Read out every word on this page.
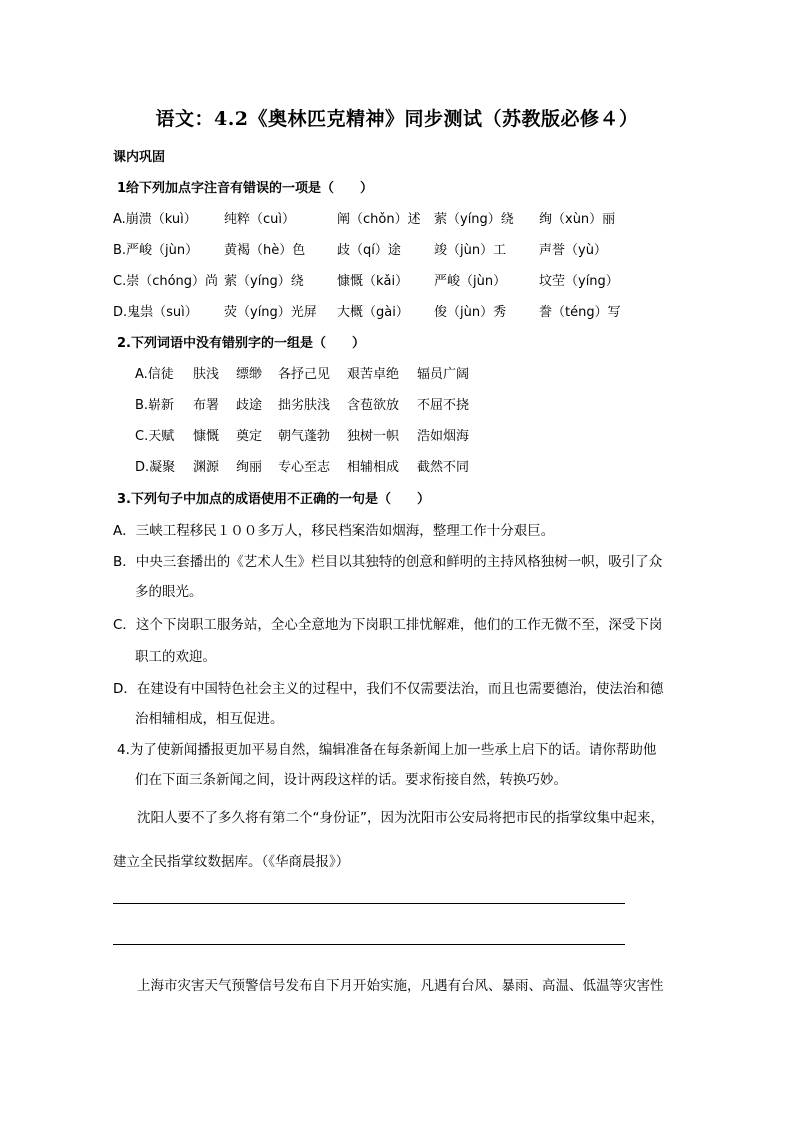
语文：4.2《奥林匹克精神》同步测试（苏教版必修４）
课内巩固
1给下列加点字注音有错误的一项是（　　）
A.崩溃（kuì） 纯粹（cuì）	阐（chǒn）述 萦（yíng）绕 绚（xùn）丽
B.严峻（jùn） 黄褐（hè）色 歧（qí）途	竣（jùn）工	声誉（yù）
C.崇（chóng）尚 萦（yíng）绕	慷慨（kǎi） 严峻（jùn）	坟茔（yíng）
D.鬼祟（suì） 荧（yíng）光屏 大概（gài） 俊（jùn）秀	誊（téng）写
2.下列词语中没有错别字的一组是（　　）
A.信徒 肤浅 缥缈 各抒己见 艰苦卓绝 辐员广阔
B.崭新 布署 歧途 拙劣肤浅 含苞欲放 不屈不挠
C.天赋 慷慨 奠定 朝气蓬勃 独树一帜 浩如烟海
D.凝聚 渊源 绚丽 专心至志 相辅相成 截然不同
3.下列句子中加点的成语使用不正确的一句是（　　）
A．三峡工程移民１００多万人，移民档案浩如烟海，整理工作十分艰巨。
B．中央三套播出的《艺术人生》栏目以其独特的创意和鲜明的主持风格独树一帜，吸引了众
多的眼光。
C．这个下岗职工服务站，全心全意地为下岗职工排忧解难，他们的工作无微不至，深受下岗
职工的欢迎。
D．在建设有中国特色社会主义的过程中，我们不仅需要法治，而且也需要德治，使法治和德
治相辅相成，相互促进。
4.为了使新闻播报更加平易自然，编辑准备在每条新闻上加一些承上启下的话。请你帮助他
们在下面三条新闻之间，设计两段这样的话。要求衔接自然，转换巧妙。
沈阳人要不了多久将有第二个“身份证”，因为沈阳市公安局将把市民的指掌纹集中起来，
建立全民指掌纹数据库。（《华商晨报》）
上海市灾害天气预警信号发布自下月开始实施，凡遇有台风、暴雨、高温、低温等灾害性
